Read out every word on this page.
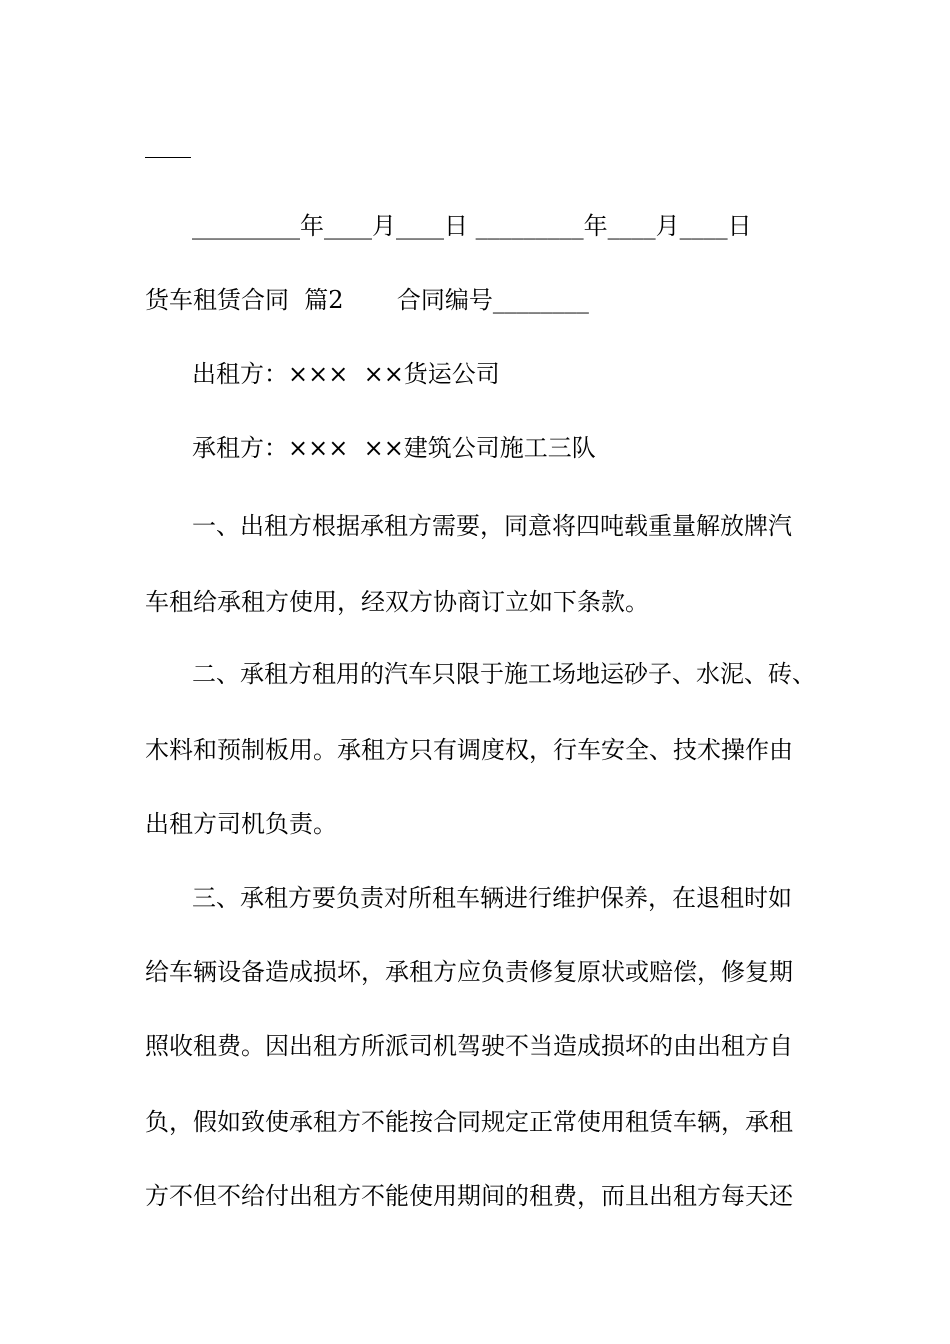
_________年____月____日 _________年____月____日
货车租赁合同  篇2       合同编号________
出租方：×××  ××货运公司
承租方：×××  ××建筑公司施工三队
一、出租方根据承租方需要，同意将四吨载重量解放牌汽
车租给承租方使用，经双方协商订立如下条款。
二、承租方租用的汽车只限于施工场地运砂子、水泥、砖、
木料和预制板用。承租方只有调度权，行车安全、技术操作由
出租方司机负责。
三、承租方要负责对所租车辆进行维护保养，在退租时如
给车辆设备造成损坏，承租方应负责修复原状或赔偿，修复期
照收租费。因出租方所派司机驾驶不当造成损坏的由出租方自
负，假如致使承租方不能按合同规定正常使用租赁车辆，承租
方不但不给付出租方不能使用期间的租费，而且出租方每天还
